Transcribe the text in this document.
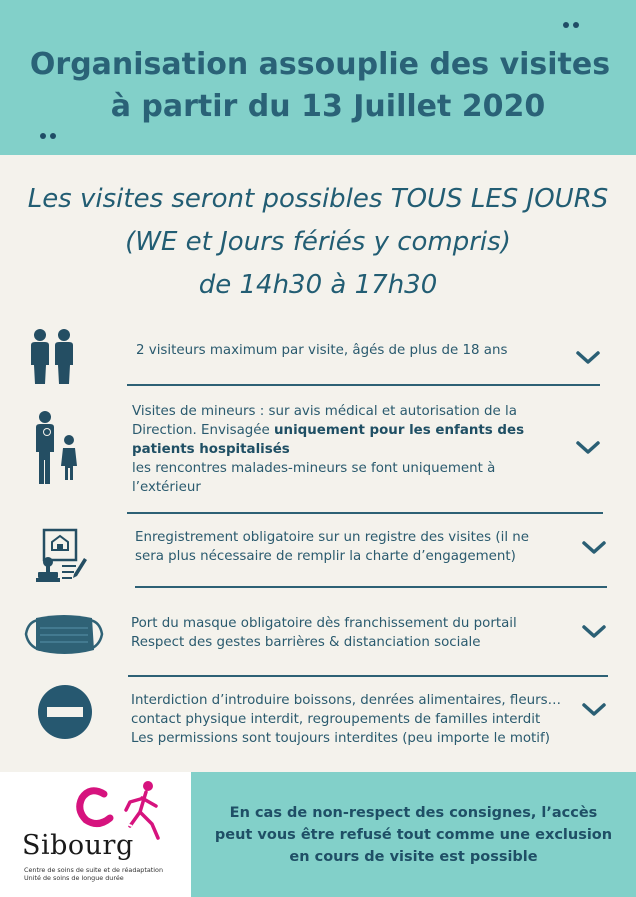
Organisation assouplie des visites
à partir du 13 Juillet 2020
Les visites seront possibles TOUS LES JOURS
(WE et Jours fériés y compris)
de 14h30 à 17h30
2 visiteurs maximum par visite, âgés de plus de 18 ans
Visites de mineurs : sur avis médical et autorisation de la
Direction. Envisagée uniquement pour les enfants des
patients hospitalisés
les rencontres malades-mineurs se font uniquement à
l’extérieur
Enregistrement obligatoire sur un registre des visites (il ne
sera plus nécessaire de remplir la charte d’engagement)
Port du masque obligatoire dès franchissement du portail
Respect des gestes barrières & distanciation sociale
Interdiction d’introduire boissons, denrées alimentaires, fleurs…
contact physique interdit, regroupements de familles interdit
Les permissions sont toujours interdites (peu importe le motif)
Sibourg
Centre de soins de suite et de réadaptation
Unité de soins de longue durée
En cas de non-respect des consignes, l’accès
peut vous être refusé tout comme une exclusion
en cours de visite est possible
